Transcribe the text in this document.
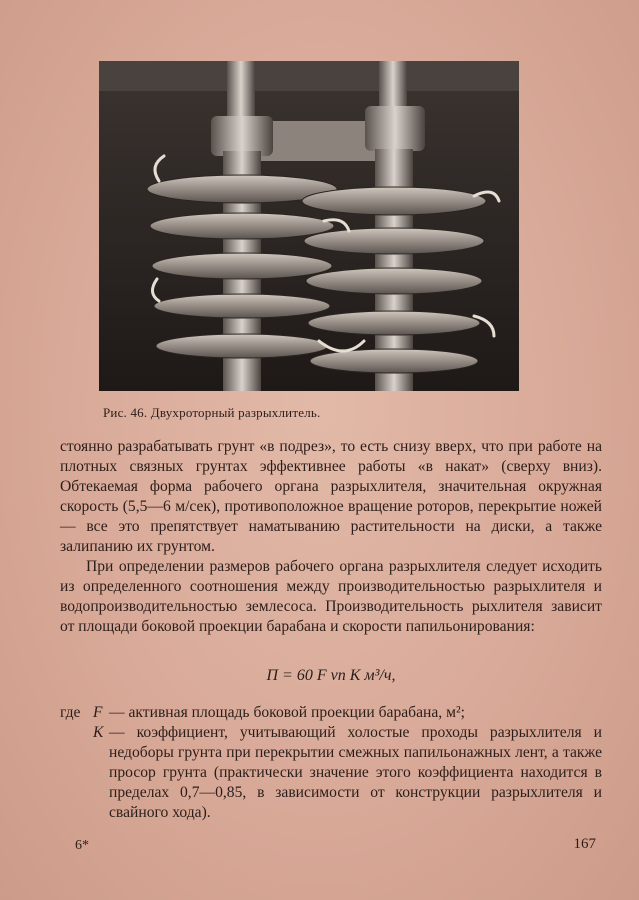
Рис. 46. Двухроторный разрыхлитель.

стоянно разрабатывать грунт «в подрез», то есть снизу вверх, что при работе на плотных связных грунтах эффективнее работы «в накат» (сверху вниз). Обтекаемая форма рабочего органа разрыхлителя, значительная окружная скорость (5,5—6 м/сек), противоположное вращение роторов, перекрытие ножей — все это препятствует наматыванию растительности на диски, а также залипанию их грунтом.

При определении размеров рабочего органа разрыхлителя следует исходить из определенного соотношения между производительностью разрыхлителя и водопроизводительностью землесоса. Производительность рыхлителя зависит от площади боковой проекции барабана и скорости папильонирования:

П = 60 F vп K м³/ч,
где F — активная площадь боковой проекции барабана, м²;
K — коэффициент, учитывающий холостые проходы разрыхлителя и недоборы грунта при перекрытии смежных папильонажных лент, а также просор грунта (практически значение этого коэффициента находится в пределах 0,7—0,85, в зависимости от конструкции разрыхлителя и свайного хода).
6*	167
